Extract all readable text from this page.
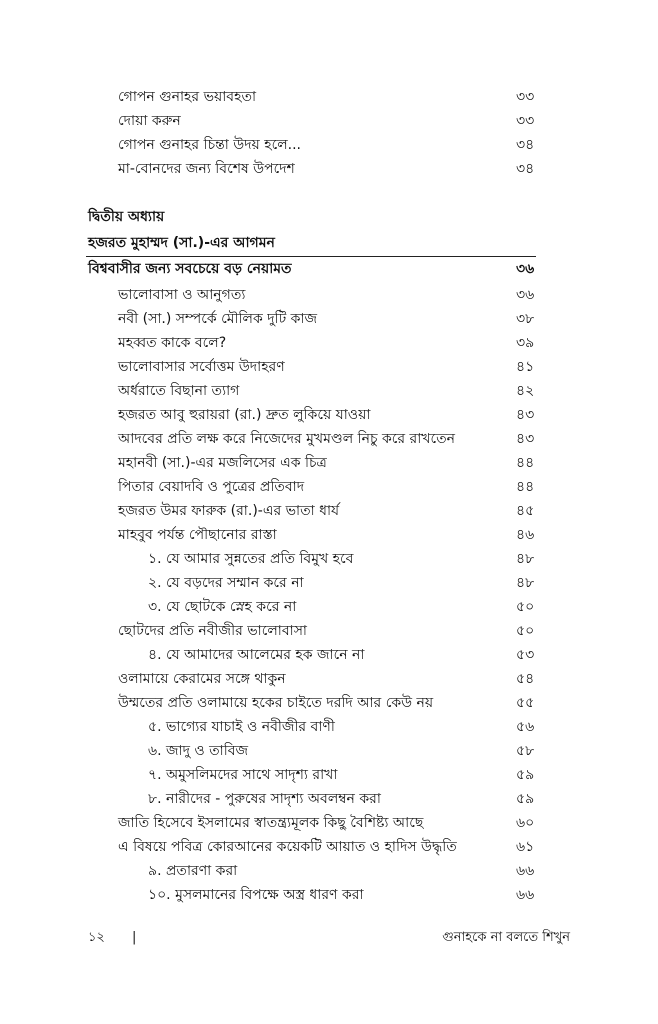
গোপন গুনাহর ভয়াবহতা	৩৩
দোয়া করুন	৩৩
গোপন গুনাহর চিন্তা উদয় হলে...	৩৪
মা-বোনদের জন্য বিশেষ উপদেশ	৩৪
দ্বিতীয় অধ্যায়
হজরত মুহাম্মদ (সা.)-এর আগমন
বিশ্ববাসীর জন্য সবচেয়ে বড় নেয়ামত	৩৬
ভালোবাসা ও আনুগত্য	৩৬
নবী (সা.) সম্পর্কে মৌলিক দুটি কাজ	৩৮
মহব্বত কাকে বলে?	৩৯
ভালোবাসার সর্বোত্তম উদাহরণ	৪১
অর্ধরাতে বিছানা ত্যাগ	৪২
হজরত আবু হুরায়রা (রা.) দ্রুত লুকিয়ে যাওয়া	৪৩
আদবের প্রতি লক্ষ করে নিজেদের মুখমণ্ডল নিচু করে রাখতেন	৪৩
মহানবী (সা.)-এর মজলিসের এক চিত্র	৪৪
পিতার বেয়াদবি ও পুত্রের প্রতিবাদ	৪৪
হজরত উমর ফারুক (রা.)-এর ভাতা ধার্য	৪৫
মাহবুব পর্যন্ত পৌছানোর রাস্তা	৪৬
১. যে আমার সুন্নতের প্রতি বিমুখ হবে	৪৮
২. যে বড়দের সম্মান করে না	৪৮
৩. যে ছোটকে স্নেহ করে না	৫০
ছোটদের প্রতি নবীজীর ভালোবাসা	৫০
৪. যে আমাদের আলেমের হক জানে না	৫৩
ওলামায়ে কেরামের সঙ্গে থাকুন	৫৪
উম্মতের প্রতি ওলামায়ে হকের চাইতে দরদি আর কেউ নয়	৫৫
৫. ভাগ্যের যাচাই ও নবীজীর বাণী	৫৬
৬. জাদু ও তাবিজ	৫৮
৭. অমুসলিমদের সাথে সাদৃশ্য রাখা	৫৯
৮. নারীদের - পুরুষের সাদৃশ্য অবলম্বন করা	৫৯
জাতি হিসেবে ইসলামের স্বাতন্ত্র্যমূলক কিছু বৈশিষ্ট্য আছে	৬০
এ বিষয়ে পবিত্র কোরআনের কয়েকটি আয়াত ও হাদিস উদ্ধৃতি	৬১
৯. প্রতারণা করা	৬৬
১০. মুসলমানের বিপক্ষে অস্ত্র ধারণ করা	৬৬
১২ |	গুনাহকে না বলতে শিখুন
